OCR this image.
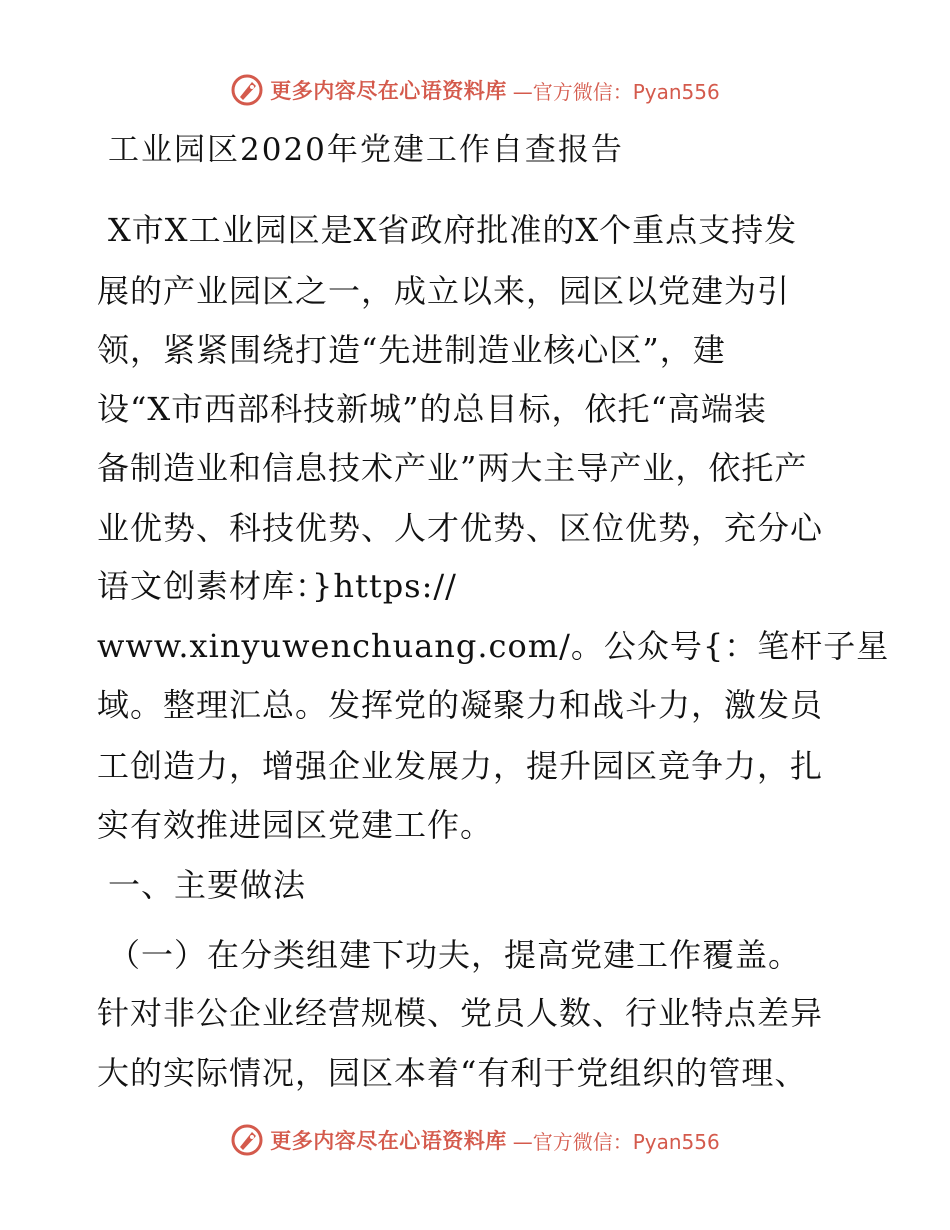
更多内容尽在心语资料库 —官方微信：Pyan556
工业园区2020年党建工作自查报告

X市X工业园区是X省政府批准的X个重点支持发

展的产业园区之一，成立以来，园区以党建为引

领，紧紧围绕打造“先进制造业核心区”，建

设“X市西部科技新城”的总目标，依托“高端装

备制造业和信息技术产业”两大主导产业，依托产

业优势、科技优势、人才优势、区位优势，充分心

语文创素材库：}https://

www.xinyuwenchuang.com/。公众号{：笔杆子星

域。整理汇总。发挥党的凝聚力和战斗力，激发员

工创造力，增强企业发展力，提升园区竞争力，扎

实有效推进园区党建工作。

一、主要做法

（一）在分类组建下功夫，提高党建工作覆盖。

针对非公企业经营规模、党员人数、行业特点差异

大的实际情况，园区本着“有利于党组织的管理、

更多内容尽在心语资料库 —官方微信：Pyan556
